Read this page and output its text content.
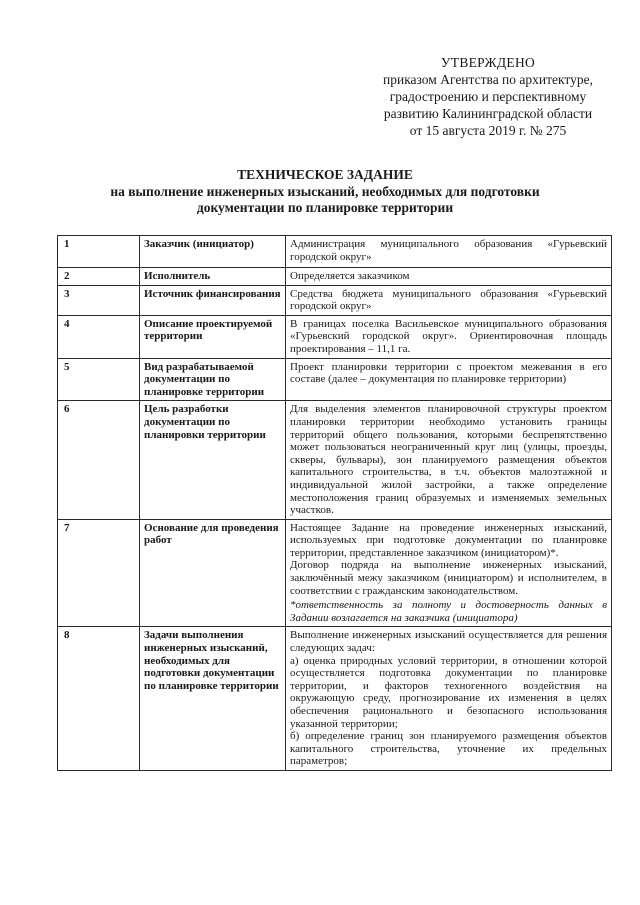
УТВЕРЖДЕНО
приказом Агентства по архитектуре,
градостроению и перспективному
развитию Калининградской области
от 15 августа 2019 г. № 275
ТЕХНИЧЕСКОЕ ЗАДАНИЕ
на выполнение инженерных изысканий, необходимых для подготовки
документации по планировке территории
1	Заказчик (инициатор)	Администрация муниципального образования «Гурьевский городской округ»

2	Исполнитель	Определяется заказчиком

3	Источник финансирования	Средства бюджета муниципального образования «Гурьевский городской округ»

4	Описание проектируемой территории	В границах поселка Васильевское муниципального образования «Гурьевский городской округ». Ориентировочная площадь проектирования – 11,1 га.

5	Вид разрабатываемой документации по планировке территории	Проект планировки территории с проектом межевания в его составе (далее – документация по планировке территории)

6	Цель разработки документации по планировки территории	Для выделения элементов планировочной структуры проектом планировки территории необходимо установить границы территорий общего пользования, которыми беспрепятственно может пользоваться неограниченный круг лиц (улицы, проезды, скверы, бульвары), зон планируемого размещения объектов капитального строительства, в т.ч. объектов малоэтажной и индивидуальной жилой застройки, а также определение местоположения границ образуемых и изменяемых земельных участков.

7	Основание для проведения работ	Настоящее Задание на проведение инженерных изысканий, используемых при подготовке документации по планировке территории, представленное заказчиком (инициатором)*.
Договор подряда на выполнение инженерных изысканий, заключённый межу заказчиком (инициатором) и исполнителем, в соответствии с гражданским законодательством.
*ответственность за полноту и достоверность данных в Задании возлагается на заказчика (инициатора)

8	Задачи выполнения инженерных изысканий, необходимых для подготовки документации по планировке территории	Выполнение инженерных изысканий осуществляется для решения следующих задач:
а) оценка природных условий территории, в отношении которой осуществляется подготовка документации по планировке территории, и факторов техногенного воздействия на окружающую среду, прогнозирование их изменения в целях обеспечения рационального и безопасного использования указанной территории;
б) определение границ зон планируемого размещения объектов капитального строительства, уточнение их предельных параметров;
